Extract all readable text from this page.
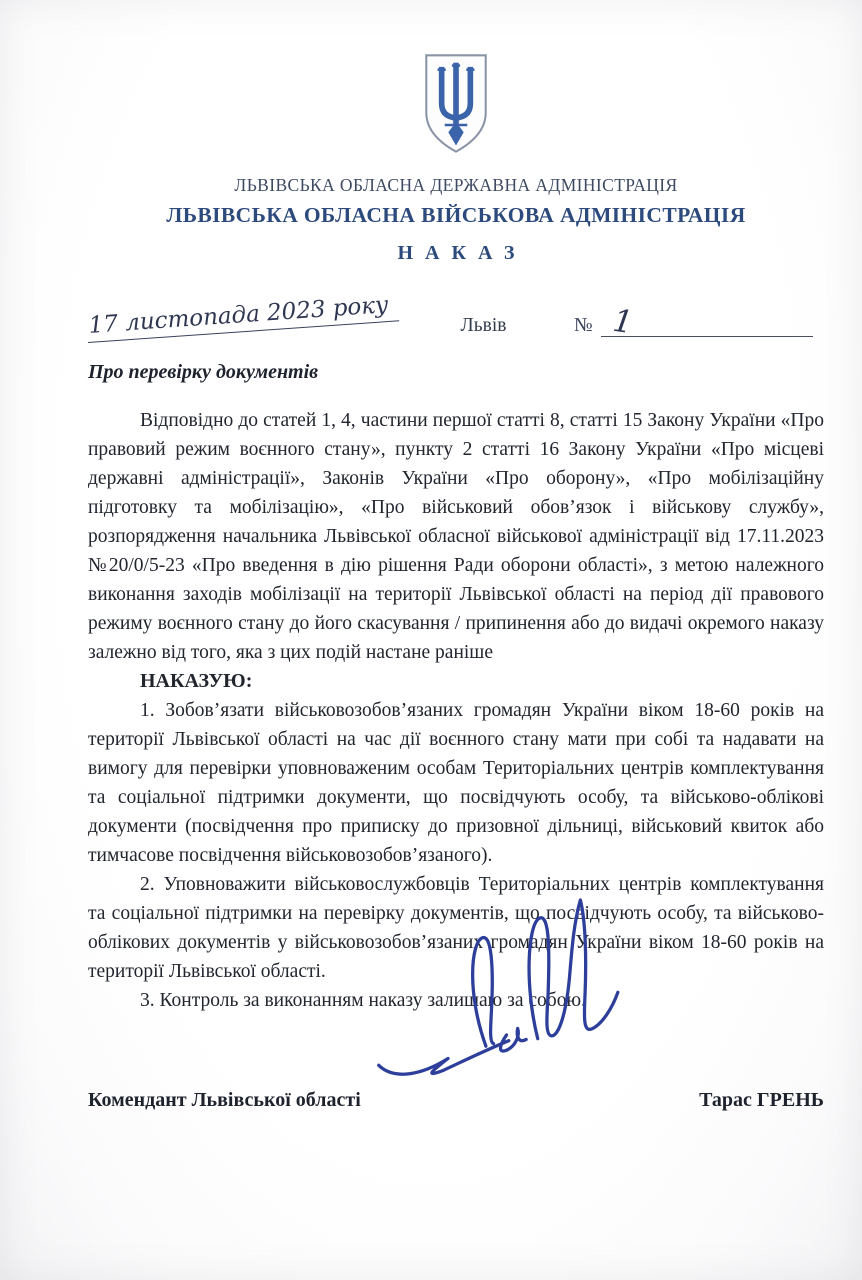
ЛЬВІВСЬКА ОБЛАСНА ДЕРЖАВНА АДМІНІСТРАЦІЯ
ЛЬВІВСЬКА ОБЛАСНА ВІЙСЬКОВА АДМІНІСТРАЦІЯ
НАКАЗ
17 листопада 2023 року	Львів	№ 1
Про перевірку документів

Відповідно до статей 1, 4, частини першої статті 8, статті 15 Закону України «Про правовий режим воєнного стану», пункту 2 статті 16 Закону України «Про місцеві державні адміністрації», Законів України «Про оборону», «Про мобілізаційну підготовку та мобілізацію», «Про військовий обов’язок і військову службу», розпорядження начальника Львівської обласної військової адміністрації від 17.11.2023 №20/0/5-23 «Про введення в дію рішення Ради оборони області», з метою належного виконання заходів мобілізації на території Львівської області на період дії правового режиму воєнного стану до його скасування / припинення або до видачі окремого наказу залежно від того, яка з цих подій настане раніше

НАКАЗУЮ:

1. Зобов’язати військовозобов’язаних громадян України віком 18-60 років на території Львівської області на час дії воєнного стану мати при собі та надавати на вимогу для перевірки уповноваженим особам Територіальних центрів комплектування та соціальної підтримки документи, що посвідчують особу, та військово-облікові документи (посвідчення про приписку до призовної дільниці, військовий квиток або тимчасове посвідчення військовозобов’язаного).

2. Уповноважити військовослужбовців Територіальних центрів комплектування та соціальної підтримки на перевірку документів, що посвідчують особу, та військово-облікових документів у військовозобов’язаних громадян України віком 18-60 років на території Львівської області.

3. Контроль за виконанням наказу залишаю за собою.

Комендант Львівської області	Тарас ГРЕНЬ
